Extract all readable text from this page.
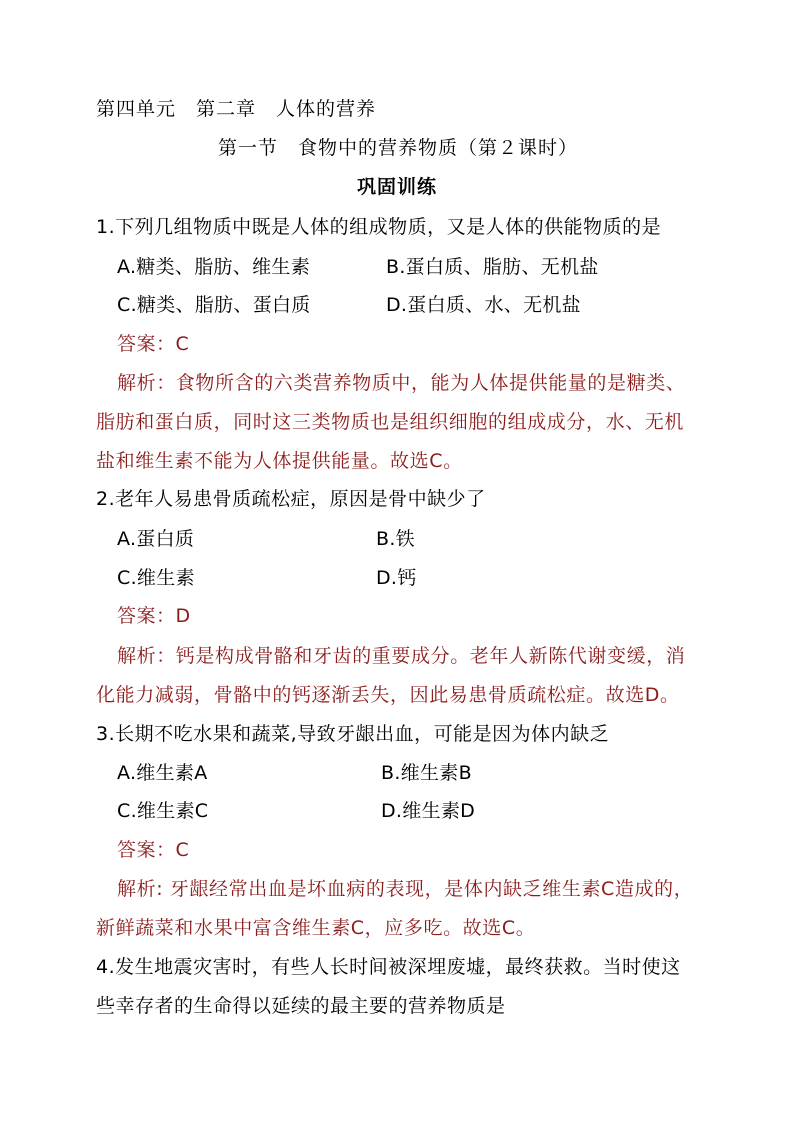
第四单元　第二章　人体的营养
第一节　食物中的营养物质（第２课时）
巩固训练
1.下列几组物质中既是人体的组成物质，又是人体的供能物质的是
A.糖类、脂肪、维生素	B.蛋白质、脂肪、无机盐
C.糖类、脂肪、蛋白质	D.蛋白质、水、无机盐
答案：C
解析：食物所含的六类营养物质中，能为人体提供能量的是糖类、
脂肪和蛋白质，同时这三类物质也是组织细胞的组成成分，水、无机
盐和维生素不能为人体提供能量。故选C。
2.老年人易患骨质疏松症，原因是骨中缺少了
A.蛋白质	B.铁
C.维生素	D.钙
答案：D
解析：钙是构成骨骼和牙齿的重要成分。老年人新陈代谢变缓，消
化能力减弱，骨骼中的钙逐渐丢失，因此易患骨质疏松症。故选D。
3.长期不吃水果和蔬菜,导致牙龈出血，可能是因为体内缺乏
A.维生素A	B.维生素B
C.维生素C	D.维生素D
答案：C
解析: 牙龈经常出血是坏血病的表现，是体内缺乏维生素C造成的，
新鲜蔬菜和水果中富含维生素C，应多吃。故选C。
4.发生地震灾害时，有些人长时间被深埋废墟，最终获救。当时使这
些幸存者的生命得以延续的最主要的营养物质是
